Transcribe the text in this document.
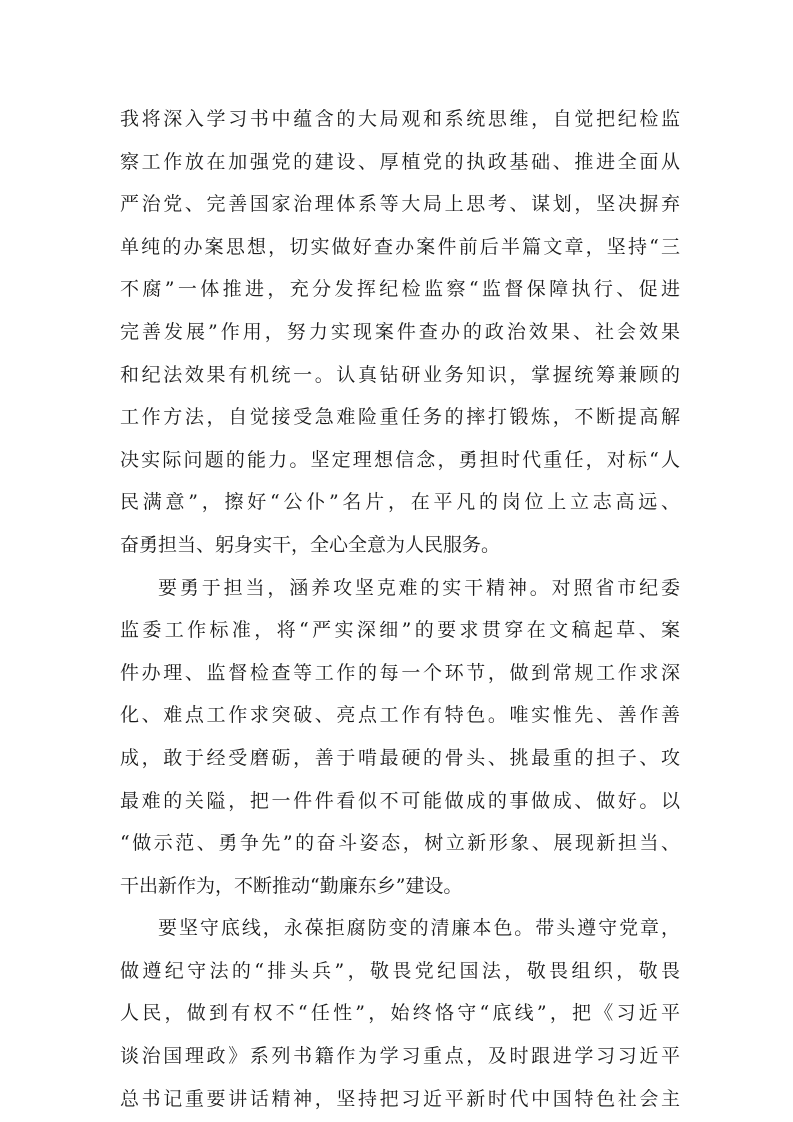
我将深入学习书中蕴含的大局观和系统思维，自觉把纪检监
察工作放在加强党的建设、厚植党的执政基础、推进全面从
严治党、完善国家治理体系等大局上思考、谋划，坚决摒弃
单纯的办案思想，切实做好查办案件前后半篇文章，坚持“三
不腐”一体推进，充分发挥纪检监察“监督保障执行、促进
完善发展”作用，努力实现案件查办的政治效果、社会效果
和纪法效果有机统一。认真钻研业务知识，掌握统筹兼顾的
工作方法，自觉接受急难险重任务的摔打锻炼，不断提高解
决实际问题的能力。坚定理想信念，勇担时代重任，对标“人
民满意”，擦好“公仆”名片，在平凡的岗位上立志高远、
奋勇担当、躬身实干，全心全意为人民服务。
要勇于担当，涵养攻坚克难的实干精神。对照省市纪委
监委工作标准，将“严实深细”的要求贯穿在文稿起草、案
件办理、监督检查等工作的每一个环节，做到常规工作求深
化、难点工作求突破、亮点工作有特色。唯实惟先、善作善
成，敢于经受磨砺，善于啃最硬的骨头、挑最重的担子、攻
最难的关隘，把一件件看似不可能做成的事做成、做好。以
“做示范、勇争先”的奋斗姿态，树立新形象、展现新担当、
干出新作为，不断推动“勤廉东乡”建设。
要坚守底线，永葆拒腐防变的清廉本色。带头遵守党章，
做遵纪守法的“排头兵”，敬畏党纪国法，敬畏组织，敬畏
人民，做到有权不“任性”，始终恪守“底线”，把《习近平
谈治国理政》系列书籍作为学习重点，及时跟进学习习近平
总书记重要讲话精神，坚持把习近平新时代中国特色社会主
